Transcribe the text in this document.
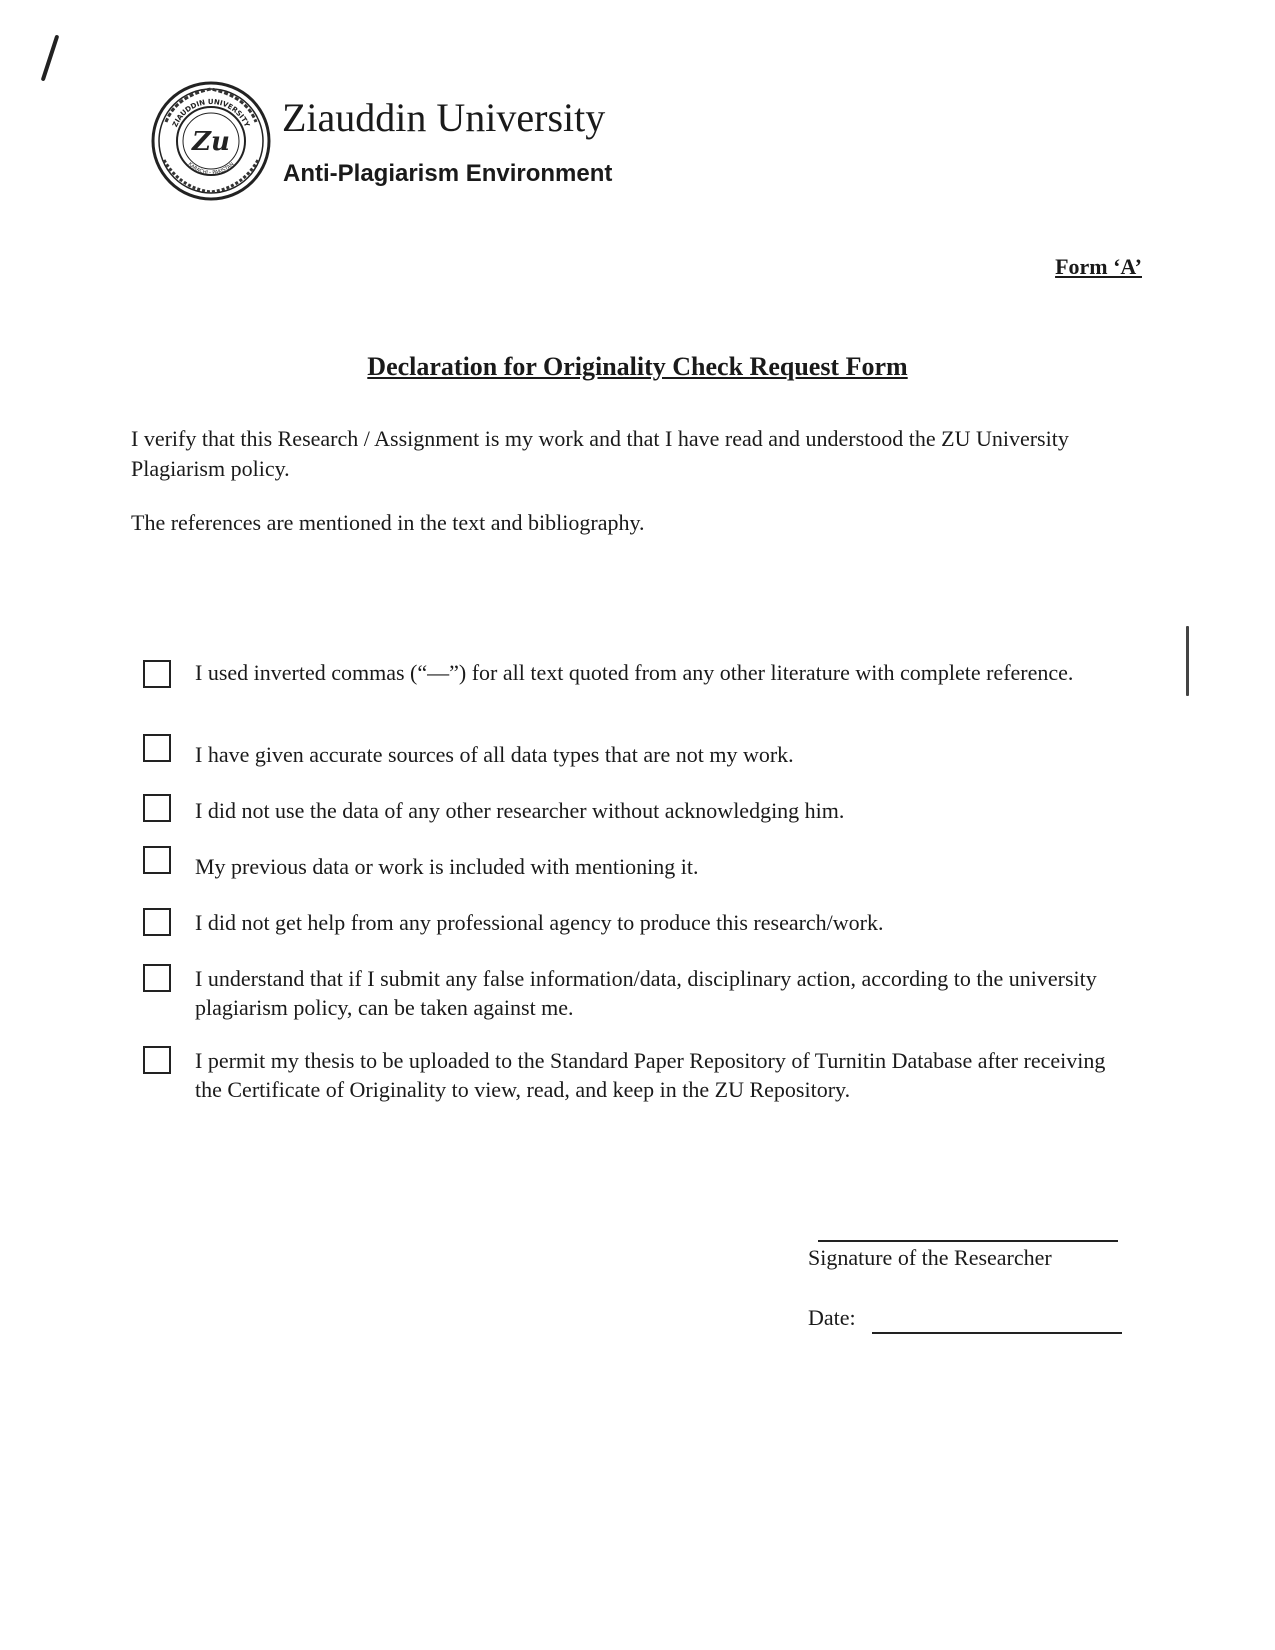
ZIAUDDIN UNIVERSITY
KARACHI - PAKISTAN
Zu
Ziauddin University
Anti-Plagiarism Environment
Form ‘A’
Declaration for Originality Check Request Form
I verify that this Research / Assignment is my work and that I have read and understood the ZU University Plagiarism policy.
The references are mentioned in the text and bibliography.
I used inverted commas (“—”) for all text quoted from any other literature with complete reference.
I have given accurate sources of all data types that are not my work.
I did not use the data of any other researcher without acknowledging him.
My previous data or work is included with mentioning it.
I did not get help from any professional agency to produce this research/work.
I understand that if I submit any false information/data, disciplinary action, according to the university plagiarism policy, can be taken against me.
I permit my thesis to be uploaded to the Standard Paper Repository of Turnitin Database after receiving the Certificate of Originality to view, read, and keep in the ZU Repository.
Signature of the Researcher
Date:
